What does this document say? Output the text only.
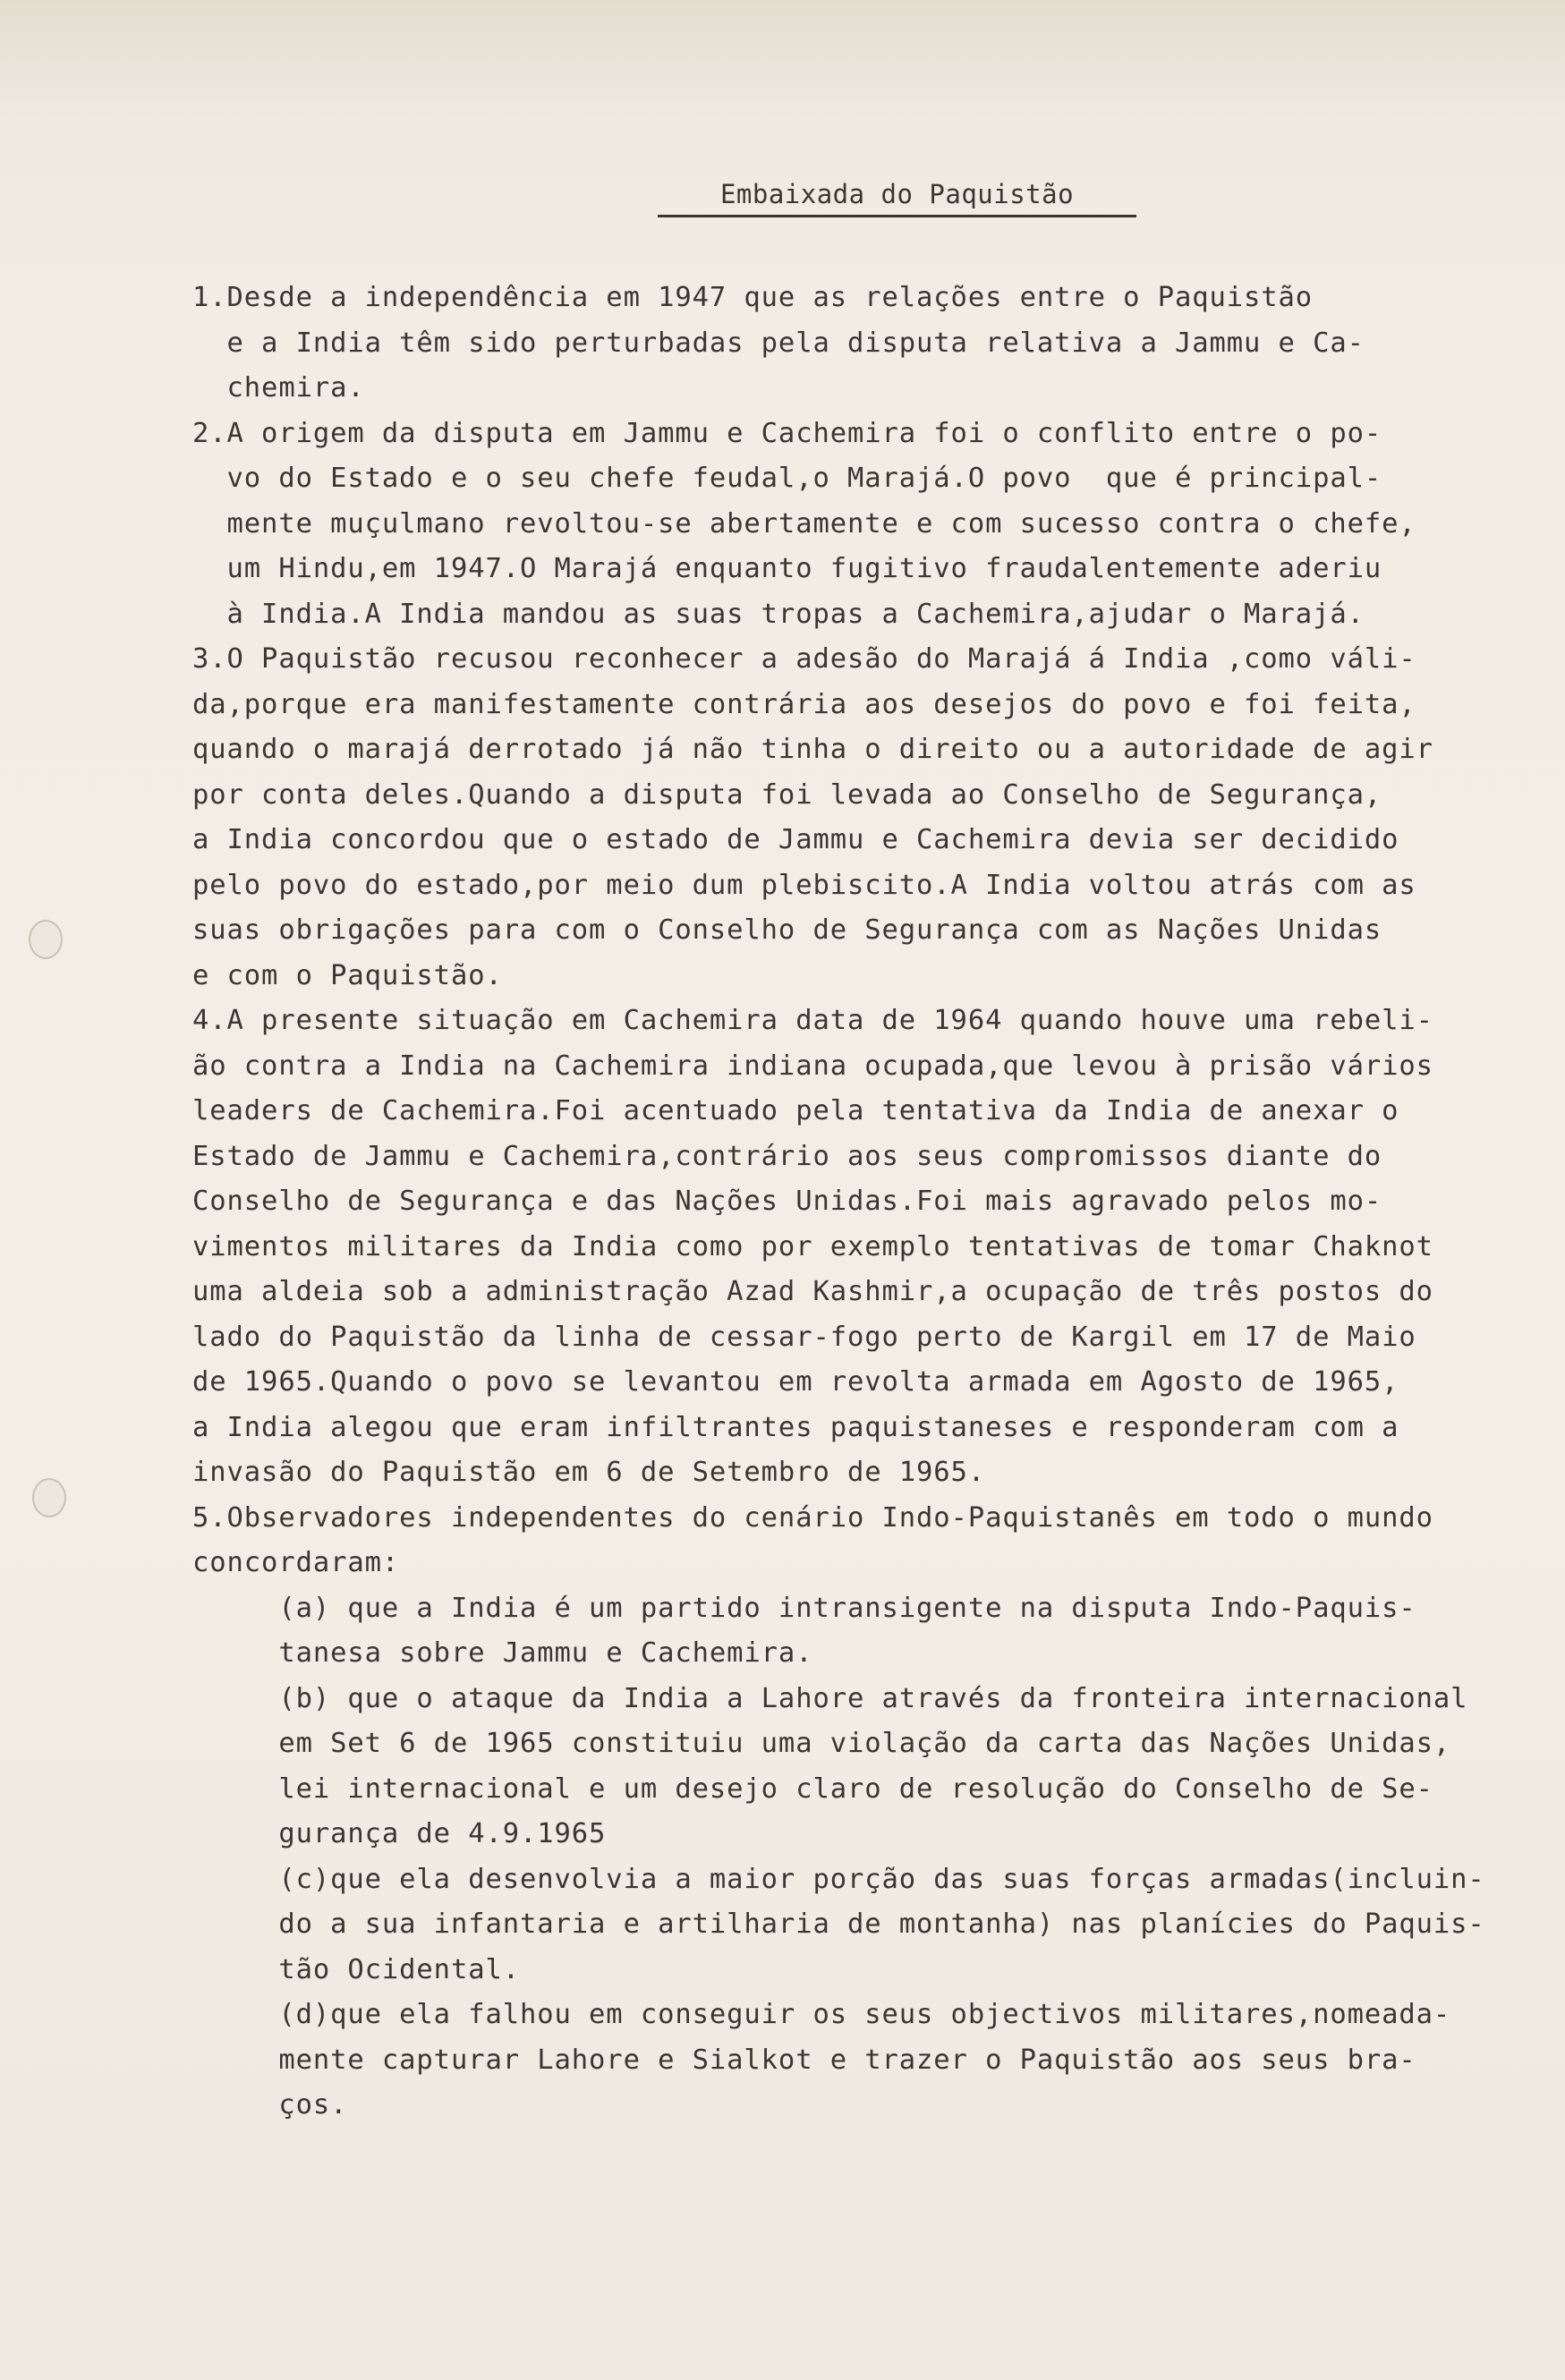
Embaixada do Paquistão
1.Desde a independência em 1947 que as relações entre o Paquistão
e a India têm sido perturbadas pela disputa relativa a Jammu e Ca-
chemira.
2.A origem da disputa em Jammu e Cachemira foi o conflito entre o po-
vo do Estado e o seu chefe feudal,o Marajá.O povo  que é principal-
mente muçulmano revoltou-se abertamente e com sucesso contra o chefe,
um Hindu,em 1947.O Marajá enquanto fugitivo fraudalentemente aderiu
à India.A India mandou as suas tropas a Cachemira,ajudar o Marajá.
3.O Paquistão recusou reconhecer a adesão do Marajá á India ,como váli-
da,porque era manifestamente contrária aos desejos do povo e foi feita,
quando o marajá derrotado já não tinha o direito ou a autoridade de agir
por conta deles.Quando a disputa foi levada ao Conselho de Segurança,
a India concordou que o estado de Jammu e Cachemira devia ser decidido
pelo povo do estado,por meio dum plebiscito.A India voltou atrás com as
suas obrigações para com o Conselho de Segurança com as Nações Unidas
e com o Paquistão.
4.A presente situação em Cachemira data de 1964 quando houve uma rebeli-
ão contra a India na Cachemira indiana ocupada,que levou à prisão vários
leaders de Cachemira.Foi acentuado pela tentativa da India de anexar o
Estado de Jammu e Cachemira,contrário aos seus compromissos diante do
Conselho de Segurança e das Nações Unidas.Foi mais agravado pelos mo-
vimentos militares da India como por exemplo tentativas de tomar Chaknot
uma aldeia sob a administração Azad Kashmir,a ocupação de três postos do
lado do Paquistão da linha de cessar-fogo perto de Kargil em 17 de Maio
de 1965.Quando o povo se levantou em revolta armada em Agosto de 1965,
a India alegou que eram infiltrantes paquistaneses e responderam com a
invasão do Paquistão em 6 de Setembro de 1965.
5.Observadores independentes do cenário Indo-Paquistanês em todo o mundo
concordaram:
(a) que a India é um partido intransigente na disputa Indo-Paquis-
tanesa sobre Jammu e Cachemira.
(b) que o ataque da India a Lahore através da fronteira internacional
em Set 6 de 1965 constituiu uma violação da carta das Nações Unidas,
lei internacional e um desejo claro de resolução do Conselho de Se-
gurança de 4.9.1965
(c)que ela desenvolvia a maior porção das suas forças armadas(incluin-
do a sua infantaria e artilharia de montanha) nas planícies do Paquis-
tão Ocidental.
(d)que ela falhou em conseguir os seus objectivos militares,nomeada-
mente capturar Lahore e Sialkot e trazer o Paquistão aos seus bra-
ços.
